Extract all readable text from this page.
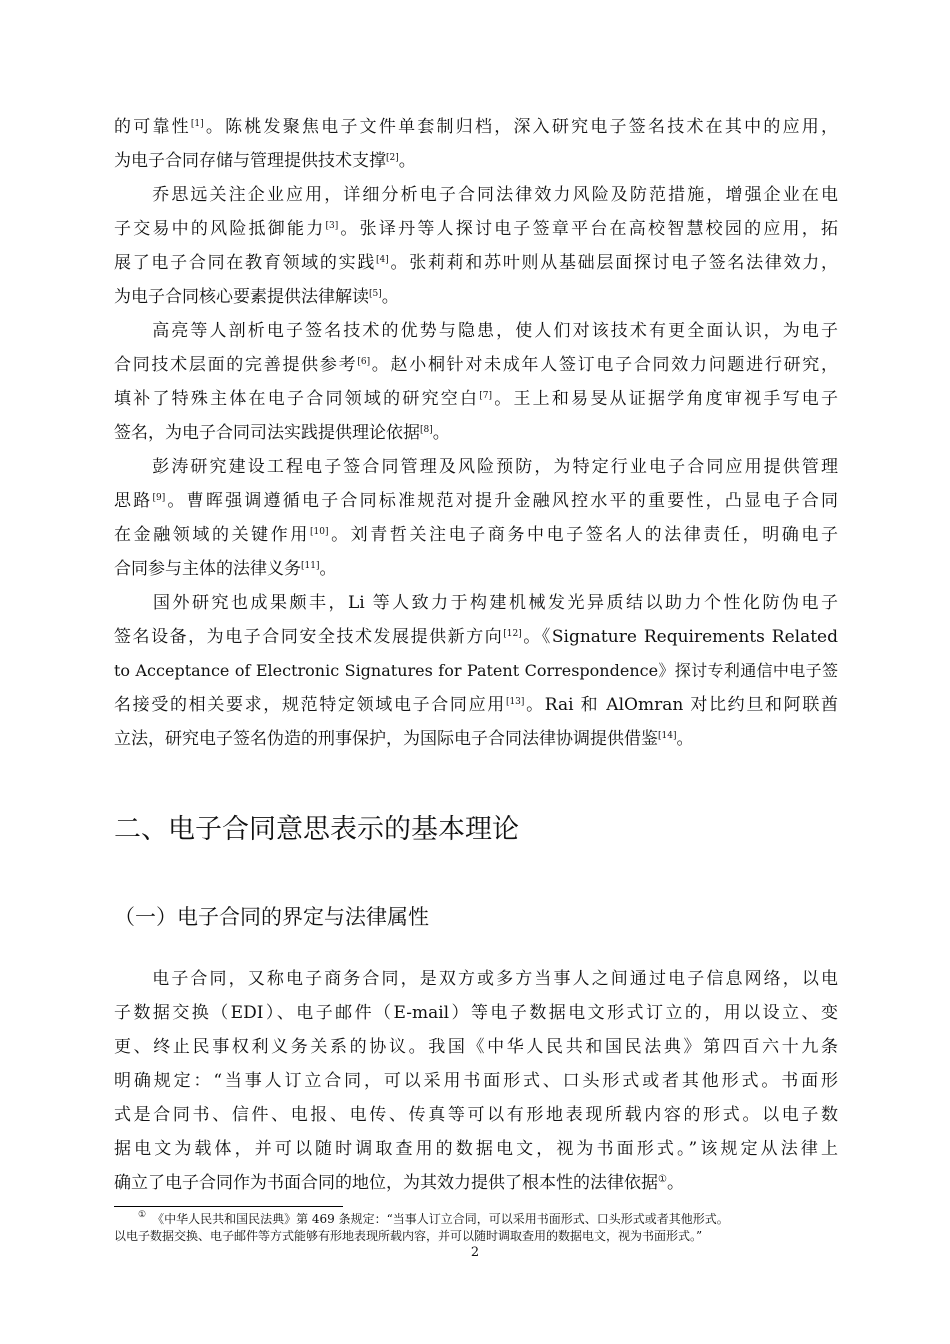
的可靠性[1]。陈桃发聚焦电子文件单套制归档，深入研究电子签名技术在其中的应用，
为电子合同存储与管理提供技术支撑[2]。
　　乔思远关注企业应用，详细分析电子合同法律效力风险及防范措施，增强企业在电
子交易中的风险抵御能力[3]。张译丹等人探讨电子签章平台在高校智慧校园的应用，拓
展了电子合同在教育领域的实践[4]。张莉莉和苏叶则从基础层面探讨电子签名法律效力，
为电子合同核心要素提供法律解读[5]。
　　高亮等人剖析电子签名技术的优势与隐患，使人们对该技术有更全面认识，为电子
合同技术层面的完善提供参考[6]。赵小桐针对未成年人签订电子合同效力问题进行研究，
填补了特殊主体在电子合同领域的研究空白[7]。王上和易旻从证据学角度审视手写电子
签名，为电子合同司法实践提供理论依据[8]。
　　彭涛研究建设工程电子签合同管理及风险预防，为特定行业电子合同应用提供管理
思路[9]。曹晖强调遵循电子合同标准规范对提升金融风控水平的重要性，凸显电子合同
在金融领域的关键作用[10]。刘青哲关注电子商务中电子签名人的法律责任，明确电子
合同参与主体的法律义务[11]。
　　国外研究也成果颇丰，Li 等人致力于构建机械发光异质结以助力个性化防伪电子
签名设备，为电子合同安全技术发展提供新方向[12]。《Signature Requirements Related
to Acceptance of Electronic Signatures for Patent Correspondence》探讨专利通信中电子签
名接受的相关要求，规范特定领域电子合同应用[13]。Rai 和 AlOmran 对比约旦和阿联酋
立法，研究电子签名伪造的刑事保护，为国际电子合同法律协调提供借鉴[14]。
二、电子合同意思表示的基本理论
（一）电子合同的界定与法律属性
　　电子合同，又称电子商务合同，是双方或多方当事人之间通过电子信息网络，以电
子数据交换（EDI）、电子邮件（E-mail）等电子数据电文形式订立的，用以设立、变
更、终止民事权利义务关系的协议。我国《中华人民共和国民法典》第四百六十九条
明确规定：“当事人订立合同，可以采用书面形式、口头形式或者其他形式。书面形
式是合同书、信件、电报、电传、传真等可以有形地表现所载内容的形式。以电子数
据电文为载体，并可以随时调取查用的数据电文，视为书面形式。”该规定从法律上
确立了电子合同作为书面合同的地位，为其效力提供了根本性的法律依据①。
　　①　《中华人民共和国民法典》第 469 条规定：“当事人订立合同，可以采用书面形式、口头形式或者其他形式。
以电子数据交换、电子邮件等方式能够有形地表现所载内容，并可以随时调取查用的数据电文，视为书面形式。”
2
